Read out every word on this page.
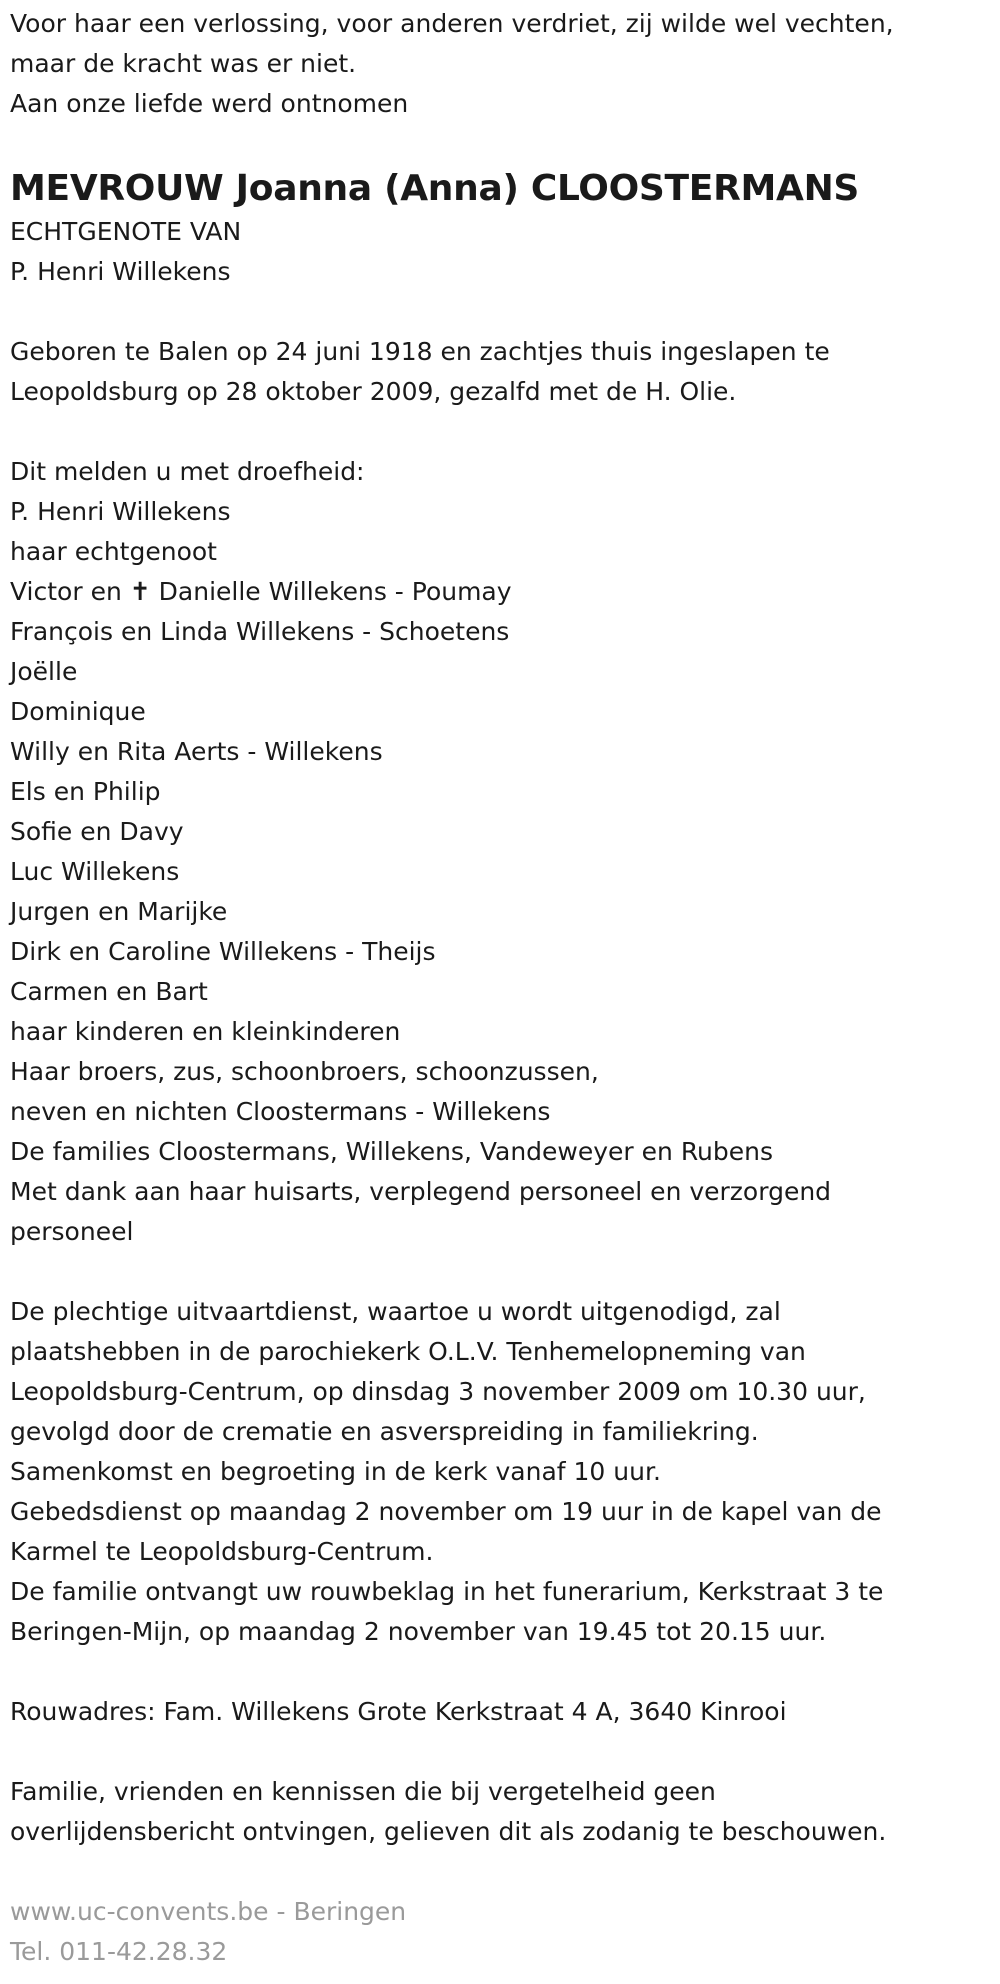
Voor haar een verlossing, voor anderen verdriet, zij wilde wel vechten,
maar de kracht was er niet.
Aan onze liefde werd ontnomen
MEVROUW Joanna (Anna) CLOOSTERMANS
ECHTGENOTE VAN
P. Henri Willekens
Geboren te Balen op 24 juni 1918 en zachtjes thuis ingeslapen te
Leopoldsburg op 28 oktober 2009, gezalfd met de H. Olie.
Dit melden u met droefheid:
P. Henri Willekens
haar echtgenoot
Victor en ✝ Danielle Willekens - Poumay
François en Linda Willekens - Schoetens
Joëlle
Dominique
Willy en Rita Aerts - Willekens
Els en Philip
Sofie en Davy
Luc Willekens
Jurgen en Marijke
Dirk en Caroline Willekens - Theijs
Carmen en Bart
haar kinderen en kleinkinderen
Haar broers, zus, schoonbroers, schoonzussen,
neven en nichten Cloostermans - Willekens
De families Cloostermans, Willekens, Vandeweyer en Rubens
Met dank aan haar huisarts, verplegend personeel en verzorgend
personeel
De plechtige uitvaartdienst, waartoe u wordt uitgenodigd, zal
plaatshebben in de parochiekerk O.L.V. Tenhemelopneming van
Leopoldsburg-Centrum, op dinsdag 3 november 2009 om 10.30 uur,
gevolgd door de crematie en asverspreiding in familiekring.
Samenkomst en begroeting in de kerk vanaf 10 uur.
Gebedsdienst op maandag 2 november om 19 uur in de kapel van de
Karmel te Leopoldsburg-Centrum.
De familie ontvangt uw rouwbeklag in het funerarium, Kerkstraat 3 te
Beringen-Mijn, op maandag 2 november van 19.45 tot 20.15 uur.
Rouwadres: Fam. Willekens Grote Kerkstraat 4 A, 3640 Kinrooi
Familie, vrienden en kennissen die bij vergetelheid geen
overlijdensbericht ontvingen, gelieven dit als zodanig te beschouwen.
www.uc-convents.be - Beringen
Tel. 011-42.28.32
